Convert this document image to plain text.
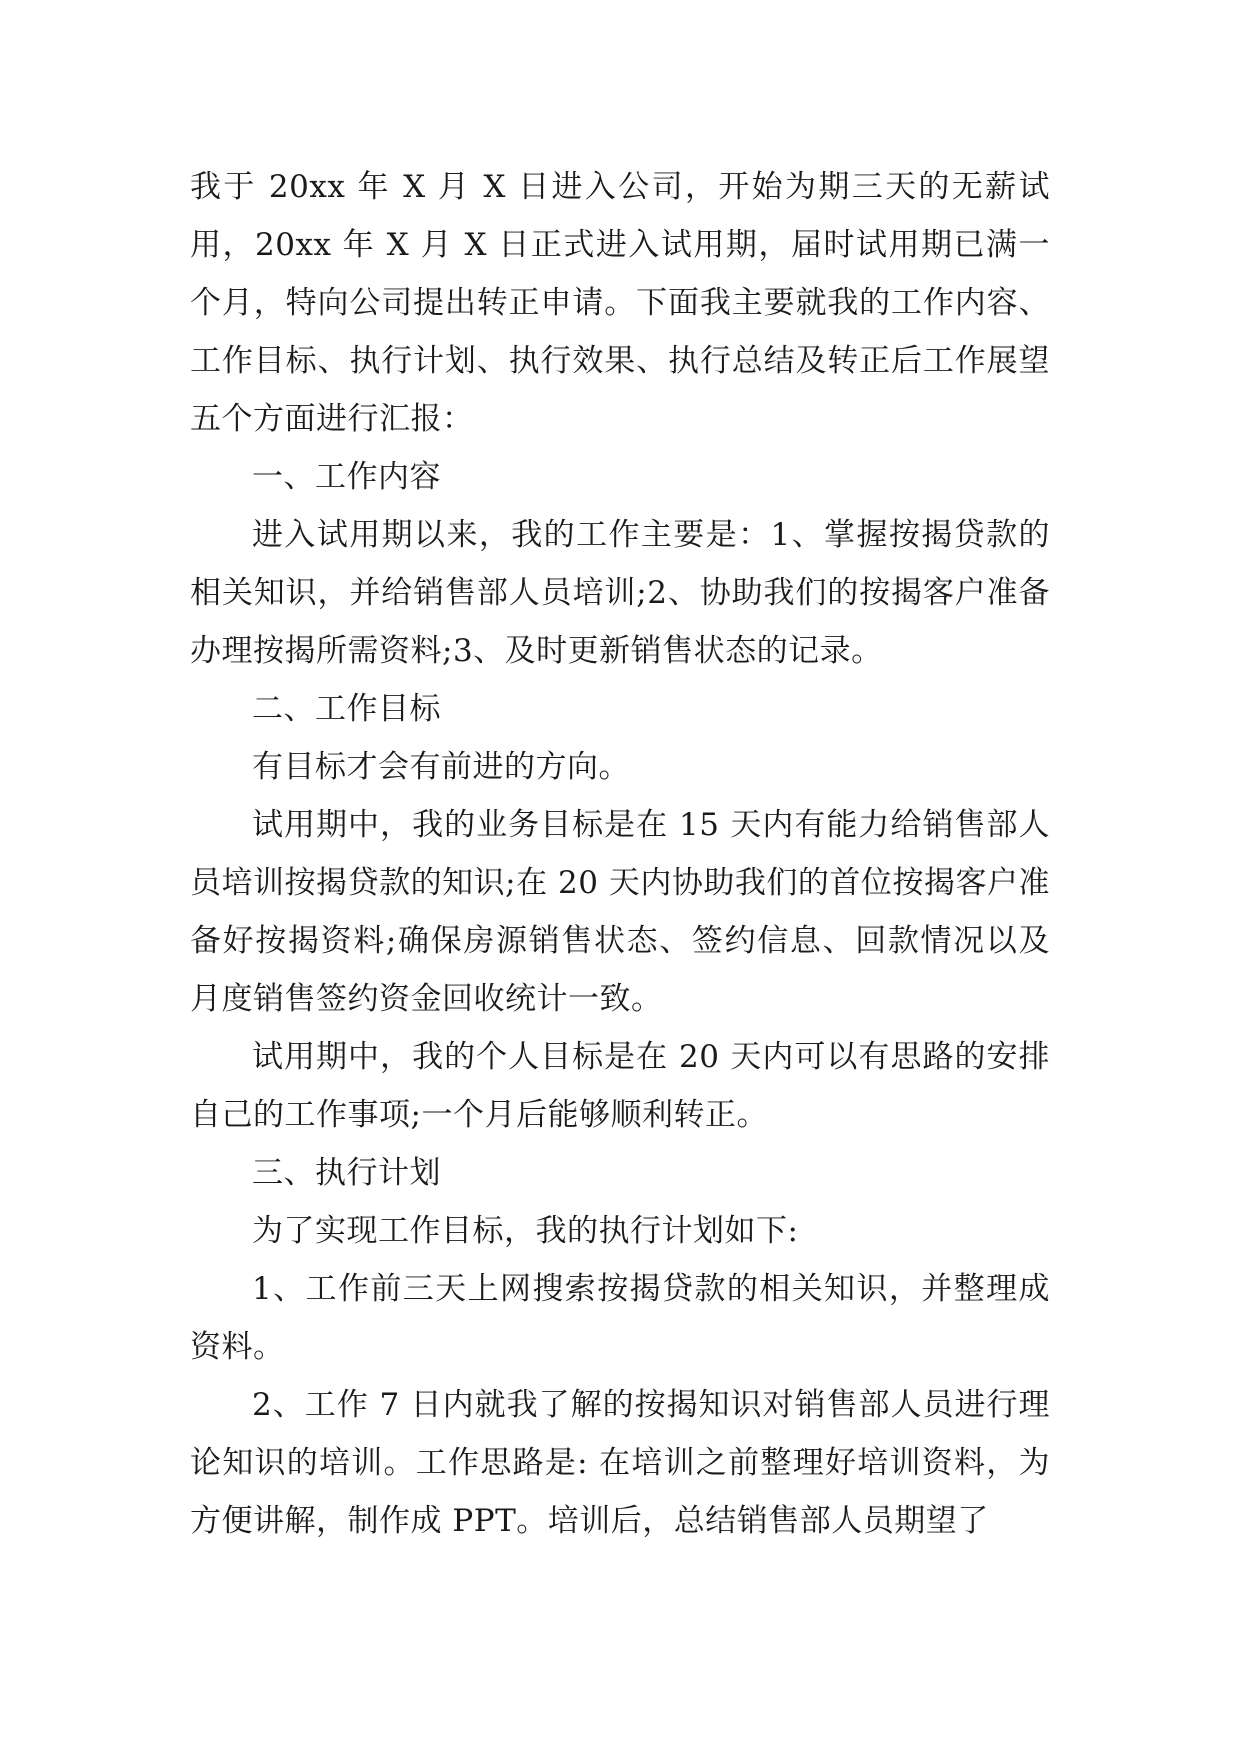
我于 20xx 年 X 月 X 日进入公司，开始为期三天的无薪试用，20xx 年 X 月 X 日正式进入试用期，届时试用期已满一个月，特向公司提出转正申请。下面我主要就我的工作内容、工作目标、执行计划、执行效果、执行总结及转正后工作展望五个方面进行汇报：

一、工作内容

进入试用期以来，我的工作主要是：1、掌握按揭贷款的相关知识，并给销售部人员培训;2、协助我们的按揭客户准备办理按揭所需资料;3、及时更新销售状态的记录。

二、工作目标

有目标才会有前进的方向。

试用期中，我的业务目标是在 15 天内有能力给销售部人员培训按揭贷款的知识;在 20 天内协助我们的首位按揭客户准备好按揭资料;确保房源销售状态、签约信息、回款情况以及月度销售签约资金回收统计一致。

试用期中，我的个人目标是在 20 天内可以有思路的安排自己的工作事项;一个月后能够顺利转正。

三、执行计划

为了实现工作目标，我的执行计划如下:

1、工作前三天上网搜索按揭贷款的相关知识，并整理成资料。

2、工作 7 日内就我了解的按揭知识对销售部人员进行理论知识的培训。工作思路是: 在培训之前整理好培训资料，为方便讲解，制作成 PPT。培训后，总结销售部人员期望了
